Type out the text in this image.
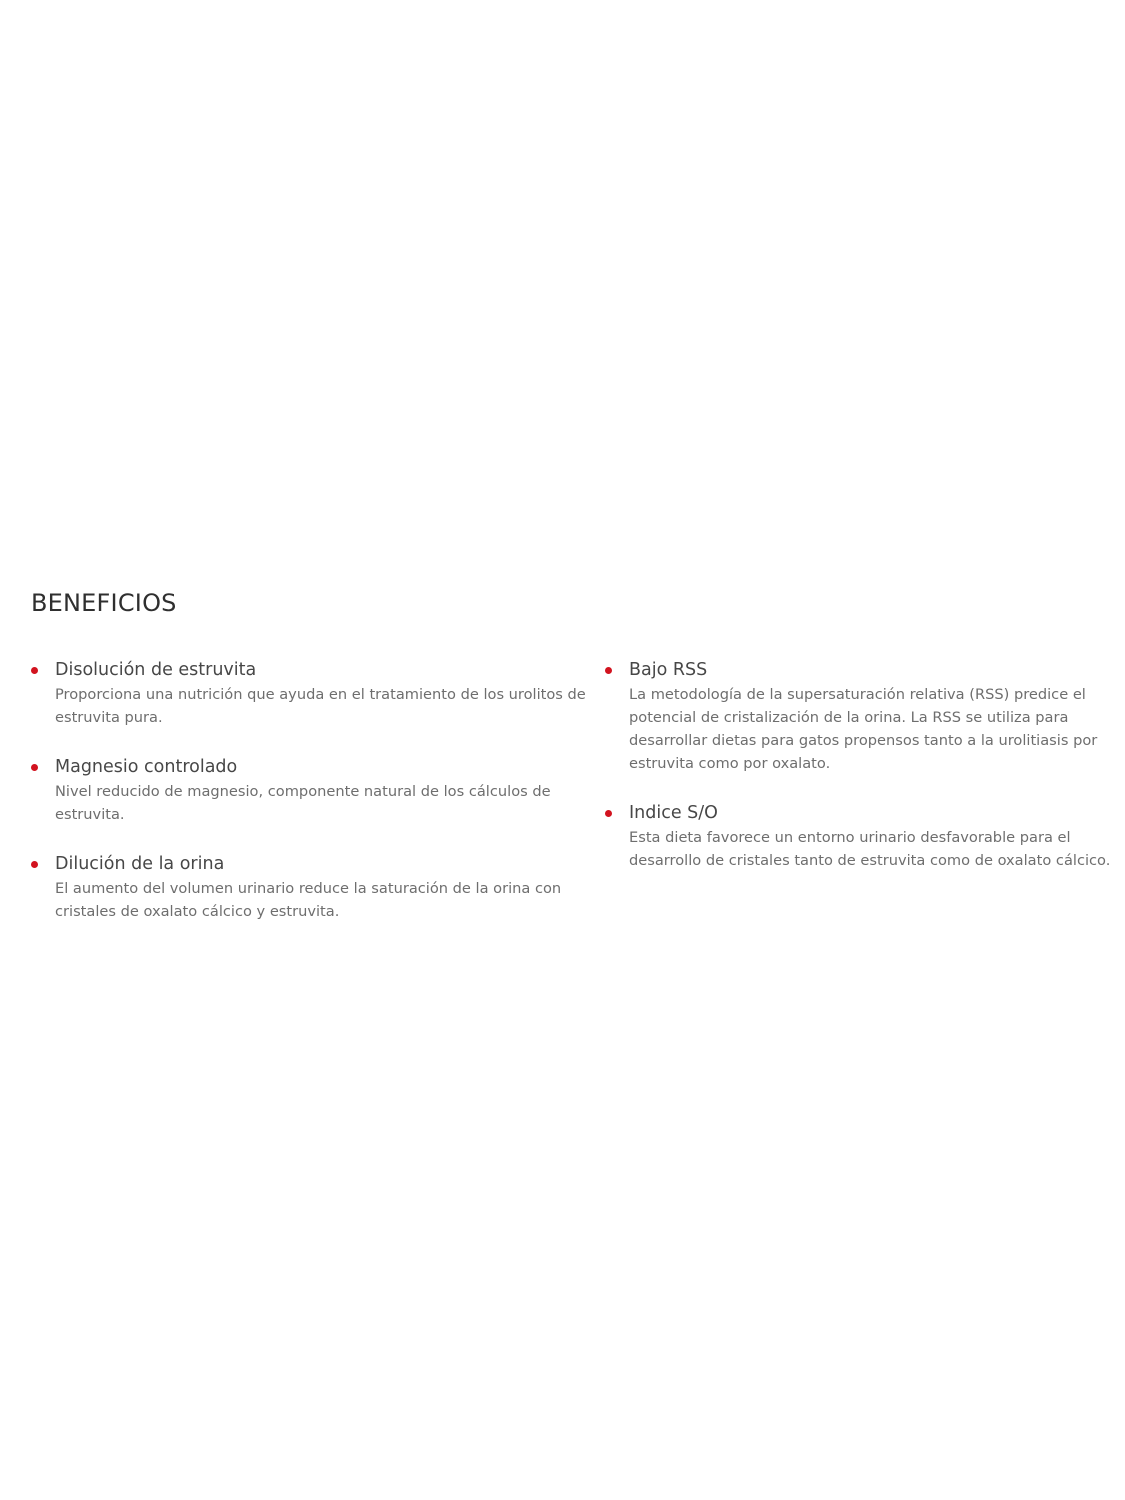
BENEFICIOS
Disolución de estruvita
Proporciona una nutrición que ayuda en el tratamiento de los urolitos de estruvita pura.
Magnesio controlado
Nivel reducido de magnesio, componente natural de los cálculos de estruvita.
Dilución de la orina
El aumento del volumen urinario reduce la saturación de la orina con cristales de oxalato cálcico y estruvita.
Bajo RSS
La metodología de la supersaturación relativa (RSS) predice el potencial de cristalización de la orina. La RSS se utiliza para desarrollar dietas para gatos propensos tanto a la urolitiasis por estruvita como por oxalato.
Indice S/O
Esta dieta favorece un entorno urinario desfavorable para el desarrollo de cristales tanto de estruvita como de oxalato cálcico.
